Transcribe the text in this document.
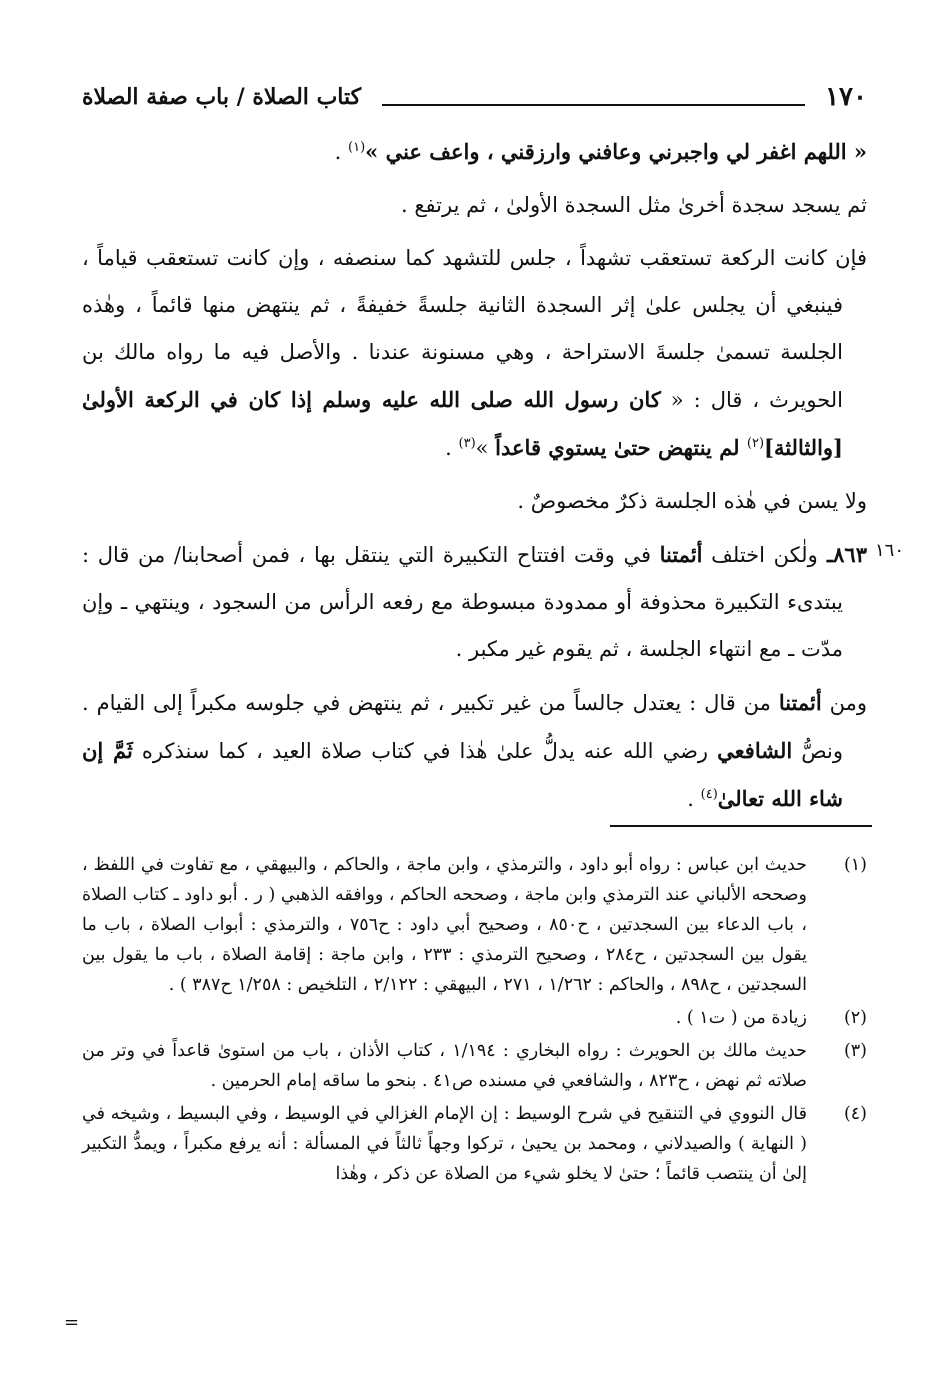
١٧٠
كتاب الصلاة / باب صفة الصلاة
١٦٠

« اللهم اغفر لي واجبرني وعافني وارزقني ، واعف عني »$^{(١)}$ .

ثم يسجد سجدة أخرىٰ مثل السجدة الأولىٰ ، ثم يرتفع .

فإن كانت الركعة تستعقب تشهداً ، جلس للتشهد كما سنصفه ، وإن كانت تستعقب قياماً ، فينبغي أن يجلس علىٰ إثر السجدة الثانية جلسةً خفيفةً ، ثم ينتهض منها قائماً ، وهٰذه الجلسة تسمىٰ جلسةَ الاستراحة ، وهي مسنونة عندنا . والأصل فيه ما رواه مالك بن الحويرث ، قال : « كان رسول الله صلى الله عليه وسلم إذا كان في الركعة الأولىٰ [والثالثة]$^{(٢)}$ لم ينتهض حتىٰ يستوي قاعداً »$^{(٣)}$ .

ولا يسن في هٰذه الجلسة ذكرٌ مخصوصٌ .

٨٦٣ـ ولٰكن اختلف أئمتنا في وقت افتتاح التكبيرة التي ينتقل بها ، فمن أصحابنا/ من قال : يبتدىء التكبيرة محذوفة أو ممدودة مبسوطة مع رفعه الرأس من السجود ، وينتهي ـ وإن مدّت ـ مع انتهاء الجلسة ، ثم يقوم غير مكبر .

ومن أئمتنا من قال : يعتدل جالساً من غير تكبير ، ثم ينتهض في جلوسه مكبراً إلى القيام . ونصُّ الشافعي رضي الله عنه يدلُّ علىٰ هٰذا في كتاب صلاة العيد ، كما سنذكره ثَمَّ إن شاء الله تعالىٰ$^{(٤)}$ .

(١)
حديث ابن عباس : رواه أبو داود ، والترمذي ، وابن ماجة ، والحاكم ، والبيهقي ، مع تفاوت في اللفظ ، وصححه الألباني عند الترمذي وابن ماجة ، وصححه الحاكم ، ووافقه الذهبي ( ر . أبو داود ـ كتاب الصلاة ، باب الدعاء بين السجدتين ، ح٨٥٠ ، وصحيح أبي داود : ح٧٥٦ ، والترمذي : أبواب الصلاة ، باب ما يقول بين السجدتين ، ح٢٨٤ ، وصحيح الترمذي : ٢٣٣ ، وابن ماجة : إقامة الصلاة ، باب ما يقول بين السجدتين ، ح٨٩٨ ، والحاكم : ١/٢٦٢ ، ٢٧١ ، البيهقي : ٢/١٢٢ ، التلخيص : ١/٢٥٨ ح٣٨٧ ) .
(٢)
زيادة من ( ت١ ) .
(٣)
حديث مالك بن الحويرث : رواه البخاري : ١/١٩٤ ، كتاب الأذان ، باب من استوىٰ قاعداً في وتر من صلاته ثم نهض ، ح٨٢٣ ، والشافعي في مسنده ص٤١ . بنحو ما ساقه إمام الحرمين .
(٤)
قال النووي في التنقيح في شرح الوسيط : إن الإمام الغزالي في الوسيط ، وفي البسيط ، وشيخه في ( النهاية ) والصيدلاني ، ومحمد بن يحيىٰ ، تركوا وجهاً ثالثاً في المسألة : أنه يرفع مكبراً ، ويمدُّ التكبير إلىٰ أن ينتصب قائماً ؛ حتىٰ لا يخلو شيء من الصلاة عن ذكر ، وهٰذا
=
